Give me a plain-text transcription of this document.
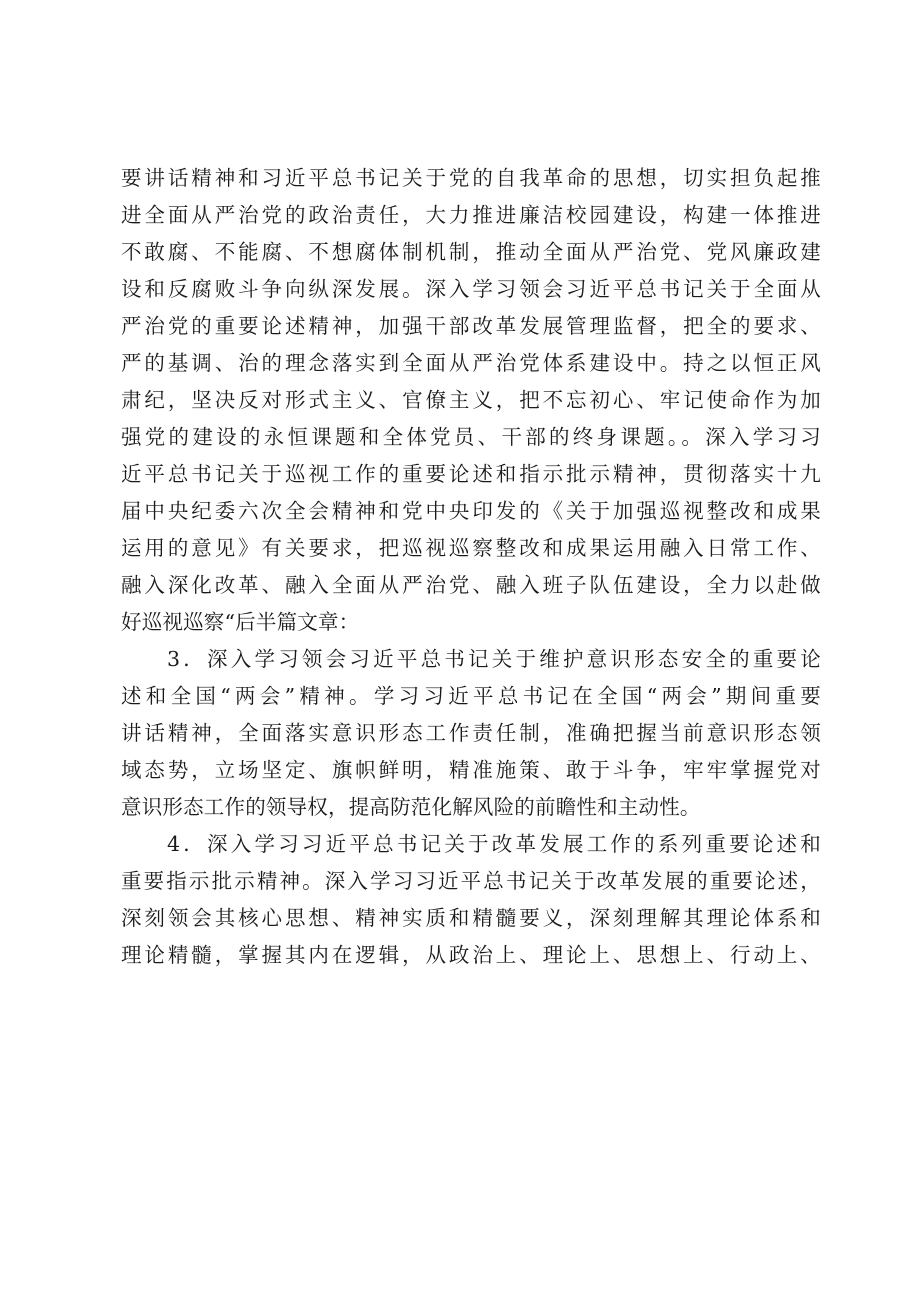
要讲话精神和习近平总书记关于党的自我革命的思想，切实担负起推
进全面从严治党的政治责任，大力推进廉洁校园建设，构建一体推进
不敢腐、不能腐、不想腐体制机制，推动全面从严治党、党风廉政建
设和反腐败斗争向纵深发展。深入学习领会习近平总书记关于全面从
严治党的重要论述精神，加强干部改革发展管理监督，把全的要求、
严的基调、治的理念落实到全面从严治党体系建设中。持之以恒正风
肃纪，坚决反对形式主义、官僚主义，把不忘初心、牢记使命作为加
强党的建设的永恒课题和全体党员、干部的终身课题。。深入学习习
近平总书记关于巡视工作的重要论述和指示批示精神，贯彻落实十九
届中央纪委六次全会精神和党中央印发的《关于加强巡视整改和成果
运用的意见》有关要求，把巡视巡察整改和成果运用融入日常工作、
融入深化改革、融入全面从严治党、融入班子队伍建设，全力以赴做
好巡视巡察“后半篇文章：
3．深入学习领会习近平总书记关于维护意识形态安全的重要论
述和全国“两会”精神。学习习近平总书记在全国“两会”期间重要
讲话精神，全面落实意识形态工作责任制，准确把握当前意识形态领
域态势，立场坚定、旗帜鲜明，精准施策、敢于斗争，牢牢掌握党对
意识形态工作的领导权，提高防范化解风险的前瞻性和主动性。
4．深入学习习近平总书记关于改革发展工作的系列重要论述和
重要指示批示精神。深入学习习近平总书记关于改革发展的重要论述，
深刻领会其核心思想、精神实质和精髓要义，深刻理解其理论体系和
理论精髓，掌握其内在逻辑，从政治上、理论上、思想上、行动上、
